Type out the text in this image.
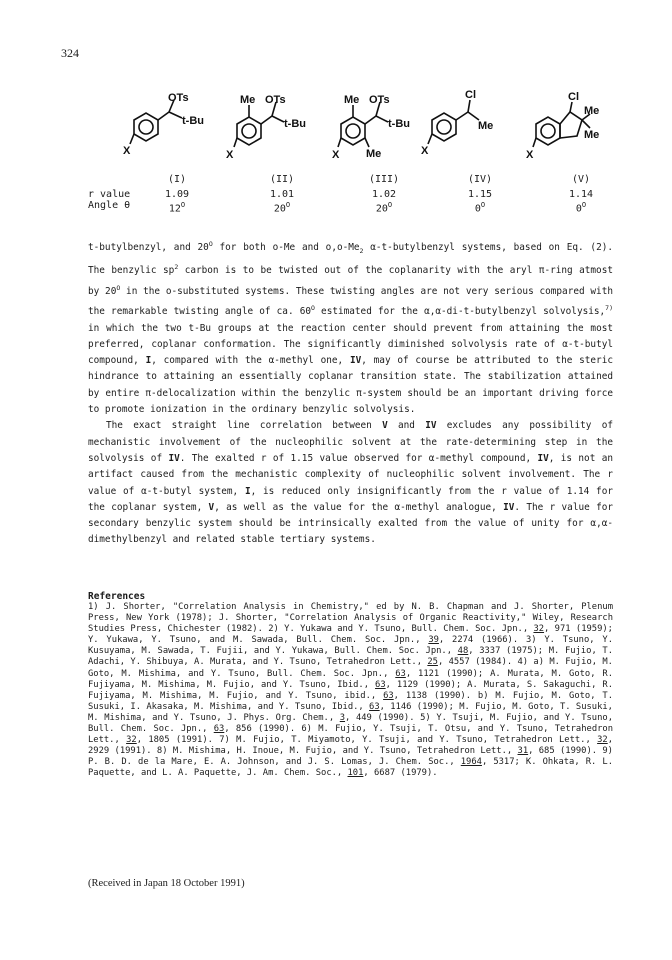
324
OTs
t-Bu
X
Me OTs
t-Bu
X
Me OTs
t-Bu
X Me
Cl
Me
X
Cl
Me
Me
X
(I)	(II)	(III)	(IV)	(V)
r value	1.09	1.01	1.02	1.15	1.14
Angle θ	$12^O$	$20^O$	$20^O$	$0^O$	$0^O$

t-butylbenzyl, and $20^O$ for both o-Me and $o,o-Me_2$ α-t-butylbenzyl systems, based on Eq. (2). The benzylic $sp^2$ carbon is to be twisted out of the coplanarity with the aryl π-ring atmost by $20^O$ in the o-substituted systems. These twisting angles are not very serious compared with the remarkable twisting angle of ca. $60^O$ estimated for the α,α-di-t-butylbenzyl solvolysis,$^{7)}$ in which the two t-Bu groups at the reaction center should prevent from attaining the most preferred, coplanar conformation. The significantly diminished solvolysis rate of α-t-butyl compound, I, compared with the α-methyl one, IV, may of course be attributed to the steric hindrance to attaining an essentially coplanar transition state. The stabilization attained by entire π-delocalization within the benzylic π-system should be an important driving force to promote ionization in the ordinary benzylic solvolysis.

The exact straight line correlation between V and IV excludes any possibility of mechanistic involvement of the nucleophilic solvent at the rate-determining step in the solvolysis of IV. The exalted r of 1.15 value observed for α-methyl compound, IV, is not an artifact caused from the mechanistic complexity of nucleophilic solvent involvement. The r value of α-t-butyl system, I, is reduced only insignificantly from the r value of 1.14 for the coplanar system, V, as well as the value for the α-methyl analogue, IV. The r value for secondary benzylic system should be intrinsically exalted from the value of unity for α,α-dimethylbenzyl and related stable tertiary systems.

References

1) J. Shorter, "Correlation Analysis in Chemistry," ed by N. B. Chapman and J. Shorter, Plenum Press, New York (1978); J. Shorter, "Correlation Analysis of Organic Reactivity," Wiley, Research Studies Press, Chichester (1982). 2) Y. Yukawa and Y. Tsuno, Bull. Chem. Soc. Jpn., 32, 971 (1959); Y. Yukawa, Y. Tsuno, and M. Sawada, Bull. Chem. Soc. Jpn., 39, 2274 (1966). 3) Y. Tsuno, Y. Kusuyama, M. Sawada, T. Fujii, and Y. Yukawa, Bull. Chem. Soc. Jpn., 48, 3337 (1975); M. Fujio, T. Adachi, Y. Shibuya, A. Murata, and Y. Tsuno, Tetrahedron Lett., 25, 4557 (1984). 4) a) M. Fujio, M. Goto, M. Mishima, and Y. Tsuno, Bull. Chem. Soc. Jpn., 63, 1121 (1990); A. Murata, M. Goto, R. Fujiyama, M. Mishima, M. Fujio, and Y. Tsuno, Ibid., 63, 1129 (1990); A. Murata, S. Sakaguchi, R. Fujiyama, M. Mishima, M. Fujio, and Y. Tsuno, ibid., 63, 1138 (1990). b) M. Fujio, M. Goto, T. Susuki, I. Akasaka, M. Mishima, and Y. Tsuno, Ibid., 63, 1146 (1990); M. Fujio, M. Goto, T. Susuki, M. Mishima, and Y. Tsuno, J. Phys. Org. Chem., 3, 449 (1990). 5) Y. Tsuji, M. Fujio, and Y. Tsuno, Bull. Chem. Soc. Jpn., 63, 856 (1990). 6) M. Fujio, Y. Tsuji, T. Otsu, and Y. Tsuno, Tetrahedron Lett., 32, 1805 (1991). 7) M. Fujio, T. Miyamoto, Y. Tsuji, and Y. Tsuno, Tetrahedron Lett., 32, 2929 (1991). 8) M. Mishima, H. Inoue, M. Fujio, and Y. Tsuno, Tetrahedron Lett., 31, 685 (1990). 9) P. B. D. de la Mare, E. A. Johnson, and J. S. Lomas, J. Chem. Soc., 1964, 5317; K. Ohkata, R. L. Paquette, and L. A. Paquette, J. Am. Chem. Soc., 101, 6687 (1979).

(Received in Japan 18 October 1991)
